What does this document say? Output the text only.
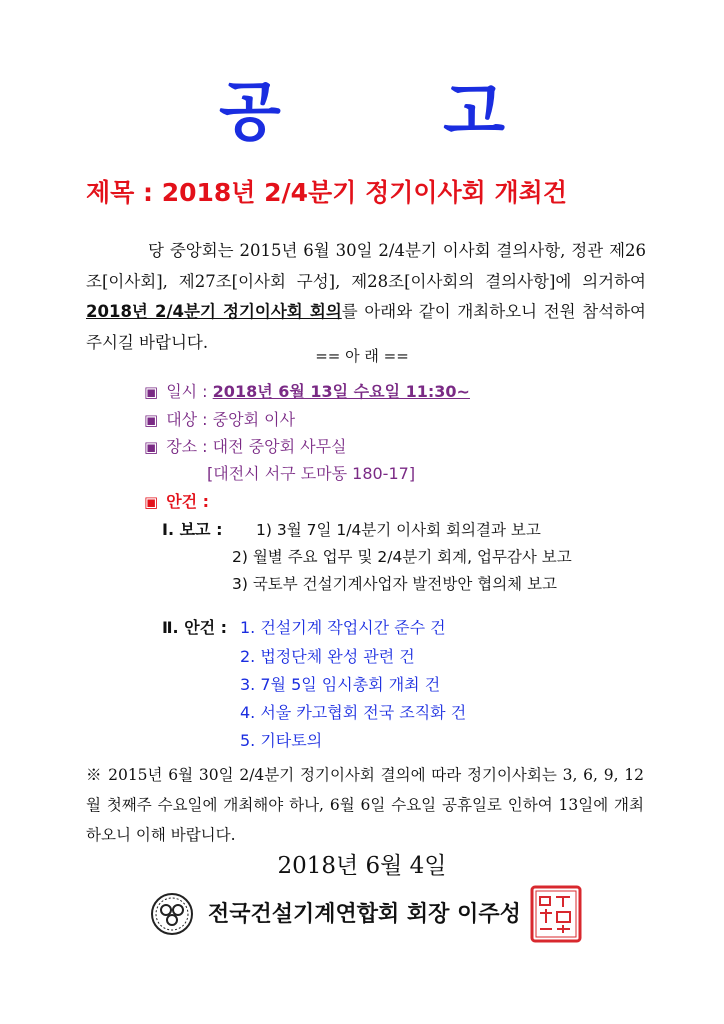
공 고
제목 : 2018년 2/4분기 정기이사회 개최건
당 중앙회는 2015년 6월 30일 2/4분기 이사회 결의사항, 정관 제26조[이사회], 제27조[이사회 구성], 제28조[이사회의 결의사항]에 의거하여 2018년 2/4분기 정기이사회 회의를 아래와 같이 개최하오니 전원 참석하여 주시길 바랍니다.
== 아 래 ==
▣ 일시 : 2018년 6월 13일 수요일 11:30~
▣ 대상 : 중앙회 이사
▣ 장소 : 대전 중앙회 사무실
[대전시 서구 도마동 180-17]
▣ 안건 :
Ⅰ. 보고 : 1) 3월 7일 1/4분기 이사회 회의결과 보고
2) 월별 주요 업무 및 2/4분기 회계, 업무감사 보고
3) 국토부 건설기계사업자 발전방안 협의체 보고
Ⅱ. 안건 : 1. 건설기계 작업시간 준수 건
2. 법정단체 완성 관련 건
3. 7월 5일 임시총회 개최 건
4. 서울 카고협회 전국 조직화 건
5. 기타토의
※ 2015년 6월 30일 2/4분기 정기이사회 결의에 따라 정기이사회는 3, 6, 9, 12월 첫째주 수요일에 개최해야 하나, 6월 6일 수요일 공휴일로 인하여 13일에 개최하오니 이해 바랍니다.
2018년 6월 4일
전국건설기계연합회 회장 이주성
